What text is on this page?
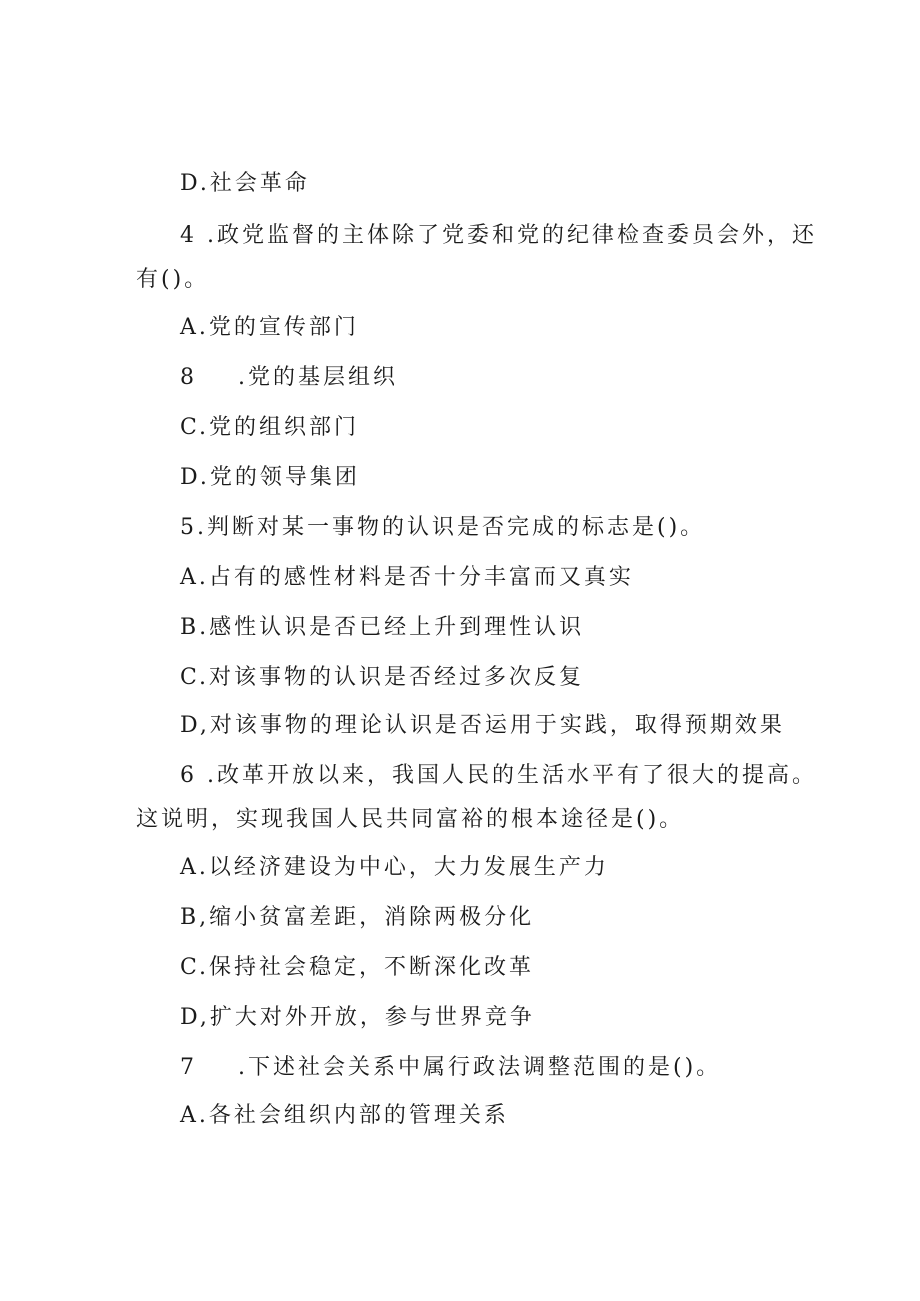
D.社会革命
4 .政党监督的主体除了党委和党的纪律检查委员会外，还
有()。
A.党的宣传部门
8 .党的基层组织
C.党的组织部门
D.党的领导集团
5.判断对某一事物的认识是否完成的标志是()。
A.占有的感性材料是否十分丰富而又真实
B.感性认识是否已经上升到理性认识
C.对该事物的认识是否经过多次反复
D,对该事物的理论认识是否运用于实践，取得预期效果
6 .改革开放以来，我国人民的生活水平有了很大的提高。
这说明，实现我国人民共同富裕的根本途径是()。
A.以经济建设为中心，大力发展生产力
B,缩小贫富差距，消除两极分化
C.保持社会稳定，不断深化改革
D,扩大对外开放，参与世界竞争
7 .下述社会关系中属行政法调整范围的是()。
A.各社会组织内部的管理关系
